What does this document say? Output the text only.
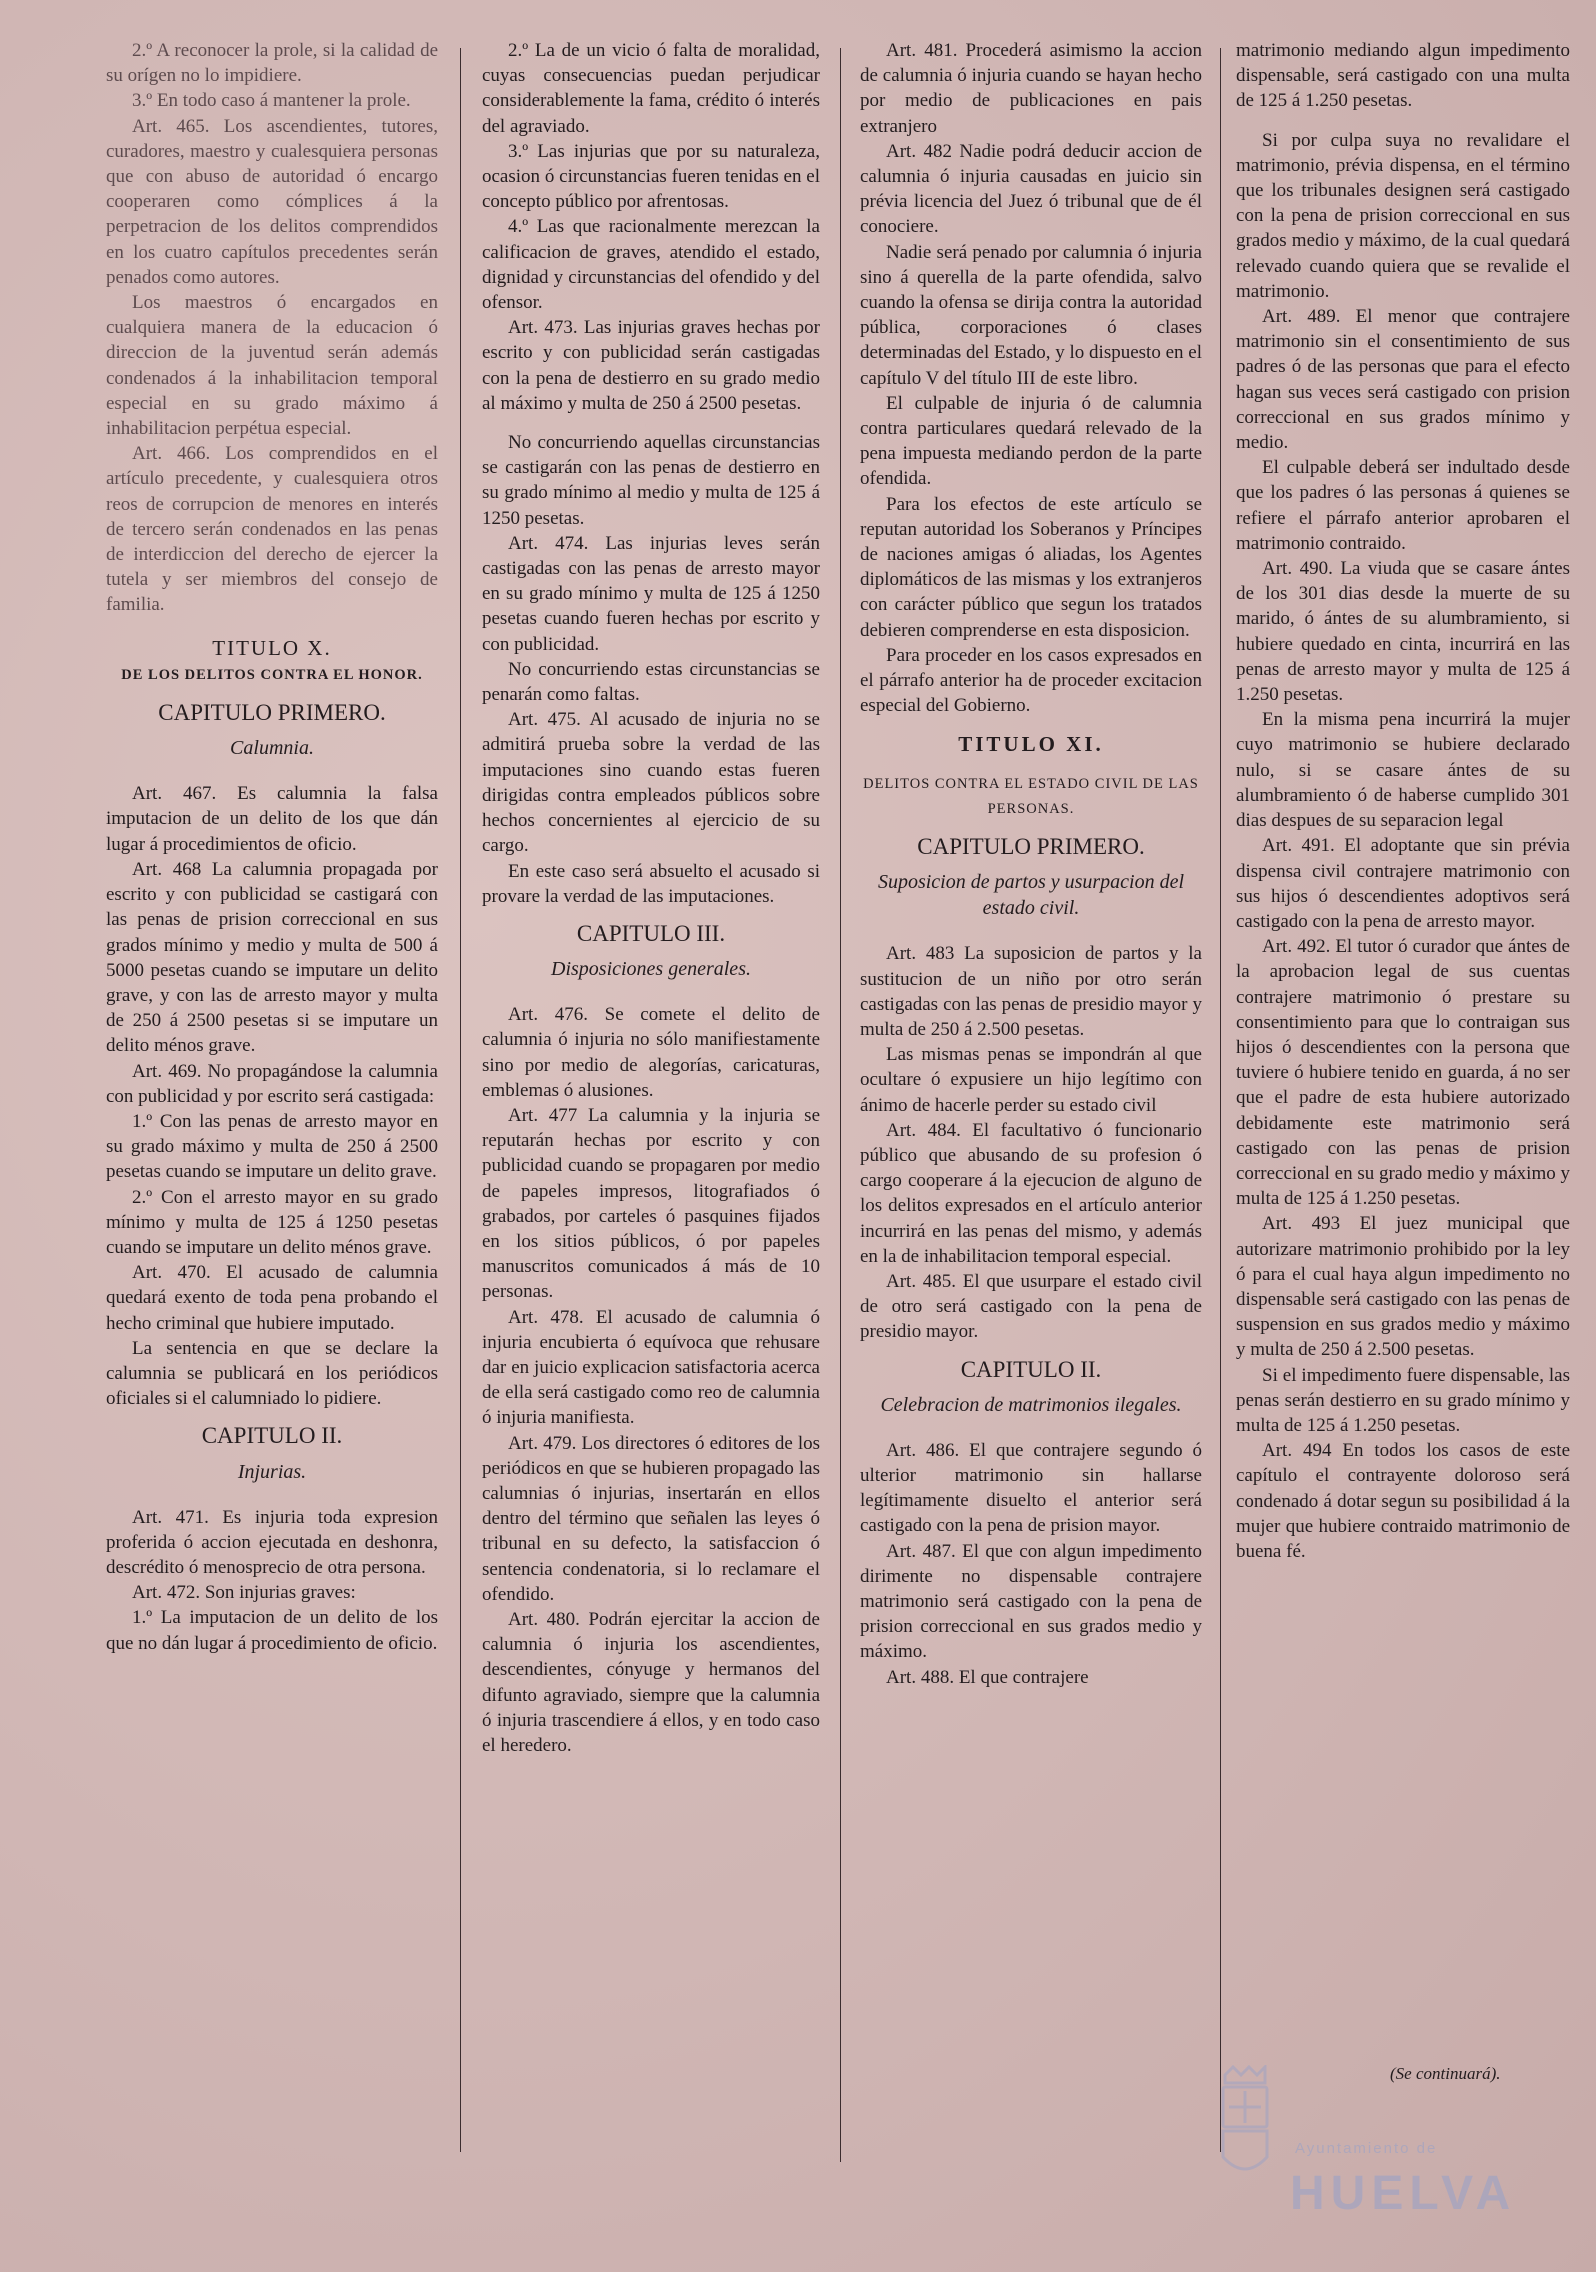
2.º A reconocer la prole, si la calidad de su orígen no lo impidiere.

3.º En todo caso á mantener la prole.

Art. 465. Los ascendientes, tutores, curadores, maestro y cualesquiera personas que con abuso de autoridad ó encargo cooperaren como cómplices á la perpetracion de los delitos comprendidos en los cuatro capítulos precedentes serán penados como autores.

Los maestros ó encargados en cualquiera manera de la educacion ó direccion de la juventud serán además condenados á la inhabilitacion temporal especial en su grado máximo á inhabilitacion perpétua especial.

Art. 466. Los comprendidos en el artículo precedente, y cualesquiera otros reos de corrupcion de menores en interés de tercero serán condenados en las penas de interdiccion del derecho de ejercer la tutela y ser miembros del consejo de familia.

TITULO X.
DE LOS DELITOS CONTRA EL HONOR.
CAPITULO PRIMERO.
Calumnia.

Art. 467. Es calumnia la falsa imputacion de un delito de los que dán lugar á procedimientos de oficio.

Art. 468 La calumnia propagada por escrito y con publicidad se castigará con las penas de prision correccional en sus grados mínimo y medio y multa de 500 á 5000 pesetas cuando se imputare un delito grave, y con las de arresto mayor y multa de 250 á 2500 pesetas si se imputare un delito ménos grave.

Art. 469. No propagándose la calumnia con publicidad y por escrito será castigada:

1.º Con las penas de arresto mayor en su grado máximo y multa de 250 á 2500 pesetas cuando se imputare un delito grave.

2.º Con el arresto mayor en su grado mínimo y multa de 125 á 1250 pesetas cuando se imputare un delito ménos grave.

Art. 470. El acusado de calumnia quedará exento de toda pena probando el hecho criminal que hubiere imputado.

La sentencia en que se declare la calumnia se publicará en los periódicos oficiales si el calumniado lo pidiere.

CAPITULO II.
Injurias.

Art. 471. Es injuria toda expresion proferida ó accion ejecutada en deshonra, descrédito ó menosprecio de otra persona.

Art. 472. Son injurias graves:

1.º La imputacion de un delito de los que no dán lugar á procedimiento de oficio.

2.º La de un vicio ó falta de moralidad, cuyas consecuencias puedan perjudicar considerablemente la fama, crédito ó interés del agraviado.

3.º Las injurias que por su naturaleza, ocasion ó circunstancias fueren tenidas en el concepto público por afrentosas.

4.º Las que racionalmente merezcan la calificacion de graves, atendido el estado, dignidad y circunstancias del ofendido y del ofensor.

Art. 473. Las injurias graves hechas por escrito y con publicidad serán castigadas con la pena de destierro en su grado medio al máximo y multa de 250 á 2500 pesetas.

No concurriendo aquellas circunstancias se castigarán con las penas de destierro en su grado mínimo al medio y multa de 125 á 1250 pesetas.

Art. 474. Las injurias leves serán castigadas con las penas de arresto mayor en su grado mínimo y multa de 125 á 1250 pesetas cuando fueren hechas por escrito y con publicidad.

No concurriendo estas circunstancias se penarán como faltas.

Art. 475. Al acusado de injuria no se admitirá prueba sobre la verdad de las imputaciones sino cuando estas fueren dirigidas contra empleados públicos sobre hechos concernientes al ejercicio de su cargo.

En este caso será absuelto el acusado si provare la verdad de las imputaciones.

CAPITULO III.
Disposiciones generales.

Art. 476. Se comete el delito de calumnia ó injuria no sólo manifiestamente sino por medio de alegorías, caricaturas, emblemas ó alusiones.

Art. 477 La calumnia y la injuria se reputarán hechas por escrito y con publicidad cuando se propagaren por medio de papeles impresos, litografiados ó grabados, por carteles ó pasquines fijados en los sitios públicos, ó por papeles manuscritos comunicados á más de 10 personas.

Art. 478. El acusado de calumnia ó injuria encubierta ó equívoca que rehusare dar en juicio explicacion satisfactoria acerca de ella será castigado como reo de calumnia ó injuria manifiesta.

Art. 479. Los directores ó editores de los periódicos en que se hubieren propagado las calumnias ó injurias, insertarán en ellos dentro del término que señalen las leyes ó tribunal en su defecto, la satisfaccion ó sentencia condenatoria, si lo reclamare el ofendido.

Art. 480. Podrán ejercitar la accion de calumnia ó injuria los ascendientes, descendientes, cónyuge y hermanos del difunto agraviado, siempre que la calumnia ó injuria trascendiere á ellos, y en todo caso el heredero.

Art. 481. Procederá asimismo la accion de calumnia ó injuria cuando se hayan hecho por medio de publicaciones en pais extranjero

Art. 482 Nadie podrá deducir accion de calumnia ó injuria causadas en juicio sin prévia licencia del Juez ó tribunal que de él conociere.

Nadie será penado por calumnia ó injuria sino á querella de la parte ofendida, salvo cuando la ofensa se dirija contra la autoridad pública, corporaciones ó clases determinadas del Estado, y lo dispuesto en el capítulo V del título III de este libro.

El culpable de injuria ó de calumnia contra particulares quedará relevado de la pena impuesta mediando perdon de la parte ofendida.

Para los efectos de este artículo se reputan autoridad los Soberanos y Príncipes de naciones amigas ó aliadas, los Agentes diplomáticos de las mismas y los extranjeros con carácter público que segun los tratados debieren comprenderse en esta disposicion.

Para proceder en los casos expresados en el párrafo anterior ha de proceder excitacion especial del Gobierno.

TITULO XI.
DELITOS CONTRA EL ESTADO CIVIL DE LAS PERSONAS.
CAPITULO PRIMERO.
Suposicion de partos y usurpacion del estado civil.

Art. 483 La suposicion de partos y la sustitucion de un niño por otro serán castigadas con las penas de presidio mayor y multa de 250 á 2.500 pesetas.

Las mismas penas se impondrán al que ocultare ó expusiere un hijo legítimo con ánimo de hacerle perder su estado civil

Art. 484. El facultativo ó funcionario público que abusando de su profesion ó cargo cooperare á la ejecucion de alguno de los delitos expresados en el artículo anterior incurrirá en las penas del mismo, y además en la de inhabilitacion temporal especial.

Art. 485. El que usurpare el estado civil de otro será castigado con la pena de presidio mayor.

CAPITULO II.
Celebracion de matrimonios ilegales.

Art. 486. El que contrajere segundo ó ulterior matrimonio sin hallarse legítimamente disuelto el anterior será castigado con la pena de prision mayor.

Art. 487. El que con algun impedimento dirimente no dispensable contrajere matrimonio será castigado con la pena de prision correccional en sus grados medio y máximo.

Art. 488. El que contrajere

matrimonio mediando algun impedimento dispensable, será castigado con una multa de 125 á 1.250 pesetas.

Si por culpa suya no revalidare el matrimonio, prévia dispensa, en el término que los tribunales designen será castigado con la pena de prision correccional en sus grados medio y máximo, de la cual quedará relevado cuando quiera que se revalide el matrimonio.

Art. 489. El menor que contrajere matrimonio sin el consentimiento de sus padres ó de las personas que para el efecto hagan sus veces será castigado con prision correccional en sus grados mínimo y medio.

El culpable deberá ser indultado desde que los padres ó las personas á quienes se refiere el párrafo anterior aprobaren el matrimonio contraido.

Art. 490. La viuda que se casare ántes de los 301 dias desde la muerte de su marido, ó ántes de su alumbramiento, si hubiere quedado en cinta, incurrirá en las penas de arresto mayor y multa de 125 á 1.250 pesetas.

En la misma pena incurrirá la mujer cuyo matrimonio se hubiere declarado nulo, si se casare ántes de su alumbramiento ó de haberse cumplido 301 dias despues de su separacion legal

Art. 491. El adoptante que sin prévia dispensa civil contrajere matrimonio con sus hijos ó descendientes adoptivos será castigado con la pena de arresto mayor.

Art. 492. El tutor ó curador que ántes de la aprobacion legal de sus cuentas contrajere matrimonio ó prestare su consentimiento para que lo contraigan sus hijos ó descendientes con la persona que tuviere ó hubiere tenido en guarda, á no ser que el padre de esta hubiere autorizado debidamente este matrimonio será castigado con las penas de prision correccional en su grado medio y máximo y multa de 125 á 1.250 pesetas.

Art. 493 El juez municipal que autorizare matrimonio prohibido por la ley ó para el cual haya algun impedimento no dispensable será castigado con las penas de suspension en sus grados medio y máximo y multa de 250 á 2.500 pesetas.

Si el impedimento fuere dispensable, las penas serán destierro en su grado mínimo y multa de 125 á 1.250 pesetas.

Art. 494 En todos los casos de este capítulo el contrayente doloroso será condenado á dotar segun su posibilidad á la mujer que hubiere contraido matrimonio de buena fé.

(Se continuará).
Ayuntamiento de
HUELVA
